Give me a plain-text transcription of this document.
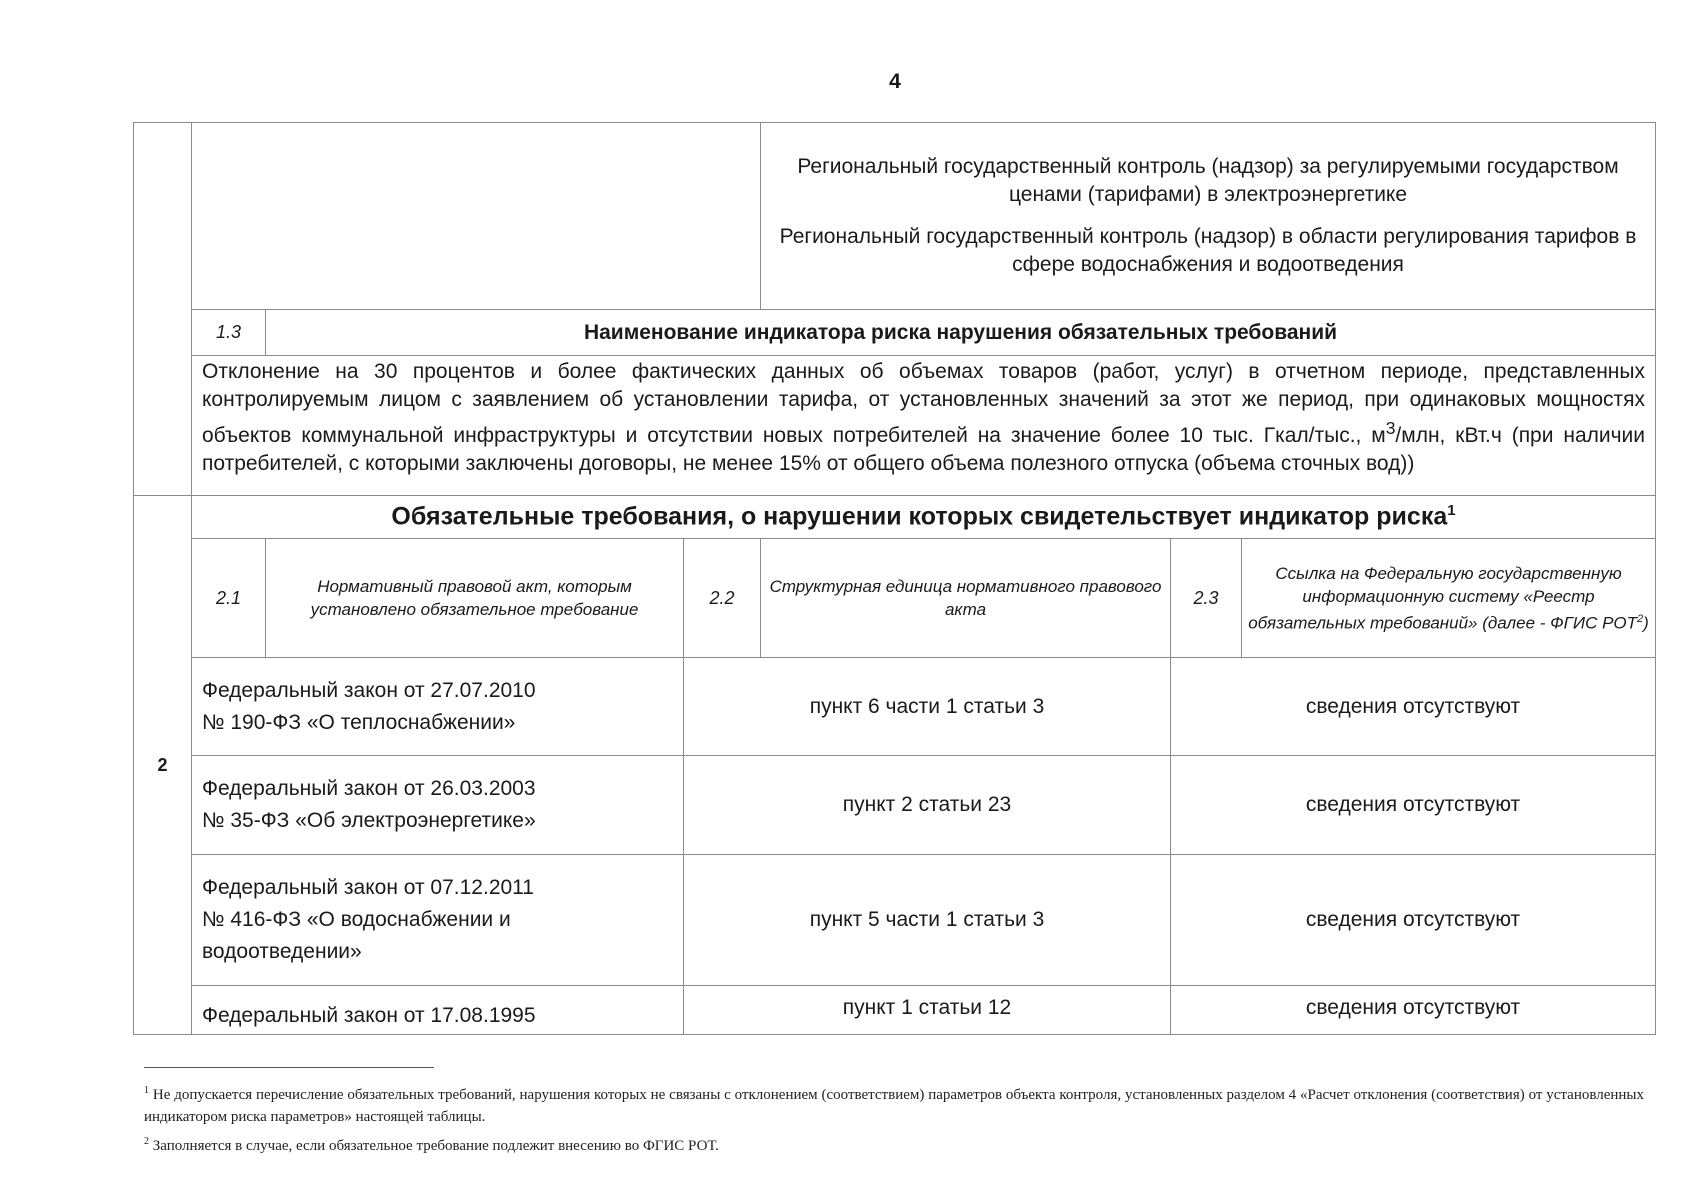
4

				Региональный государственный контроль (надзор) за регулируемыми государством ценами (тарифами) в электроэнергетике

Региональный государственный контроль (надзор) в области регулирования тарифов в сфере водоснабжения и водоотведения		

	1.3	Наименование индикатора риска нарушения обязательных требований				
	Отклонение на 30 процентов и более фактических данных об объемах товаров (работ, услуг) в отчетном периоде, представленных контролируемым лицом с заявлением об установлении тарифа, от установленных значений за этот же период, при одинаковых мощностях объектов коммунальной инфраструктуры и отсутствии новых потребителей на значение более 10 тыс. Гкал/тыс., $м^3$/млн, кВт.ч (при наличии потребителей, с которыми заключены договоры, не менее 15% от общего объема полезного отпуска (объема сточных вод))					
2	Обязательные требования, о нарушении которых свидетельствует индикатор риска$^1$
	2.1	Нормативный правовой акт, которым установлено обязательное требование	2.2	Структурная единица нормативного правового акта	2.3	Ссылка на Федеральную государственную информационную систему «Реестр обязательных требований» (далее - ФГИС РОТ$^2$)
	Федеральный закон от 27.07.2010
№ 190-ФЗ «О теплоснабжении»		пункт 6 части 1 статьи 3		сведения отсутствуют	
	Федеральный закон от 26.03.2003
№ 35-ФЗ «Об электроэнергетике»		пункт 2 статьи 23		сведения отсутствуют	
	Федеральный закон от 07.12.2011
№ 416-ФЗ «О водоснабжении и водоотведении»		пункт 5 части 1 статьи 3		сведения отсутствуют	
	Федеральный закон от 17.08.1995		пункт 1 статьи 12		сведения отсутствуют	

$^1$ Не допускается перечисление обязательных требований, нарушения которых не связаны с отклонением (соответствием) параметров объекта контроля, установленных разделом 4 «Расчет отклонения (соответствия) от установленных индикатором риска параметров» настоящей таблицы.

$^2$ Заполняется в случае, если обязательное требование подлежит внесению во ФГИС РОТ.
